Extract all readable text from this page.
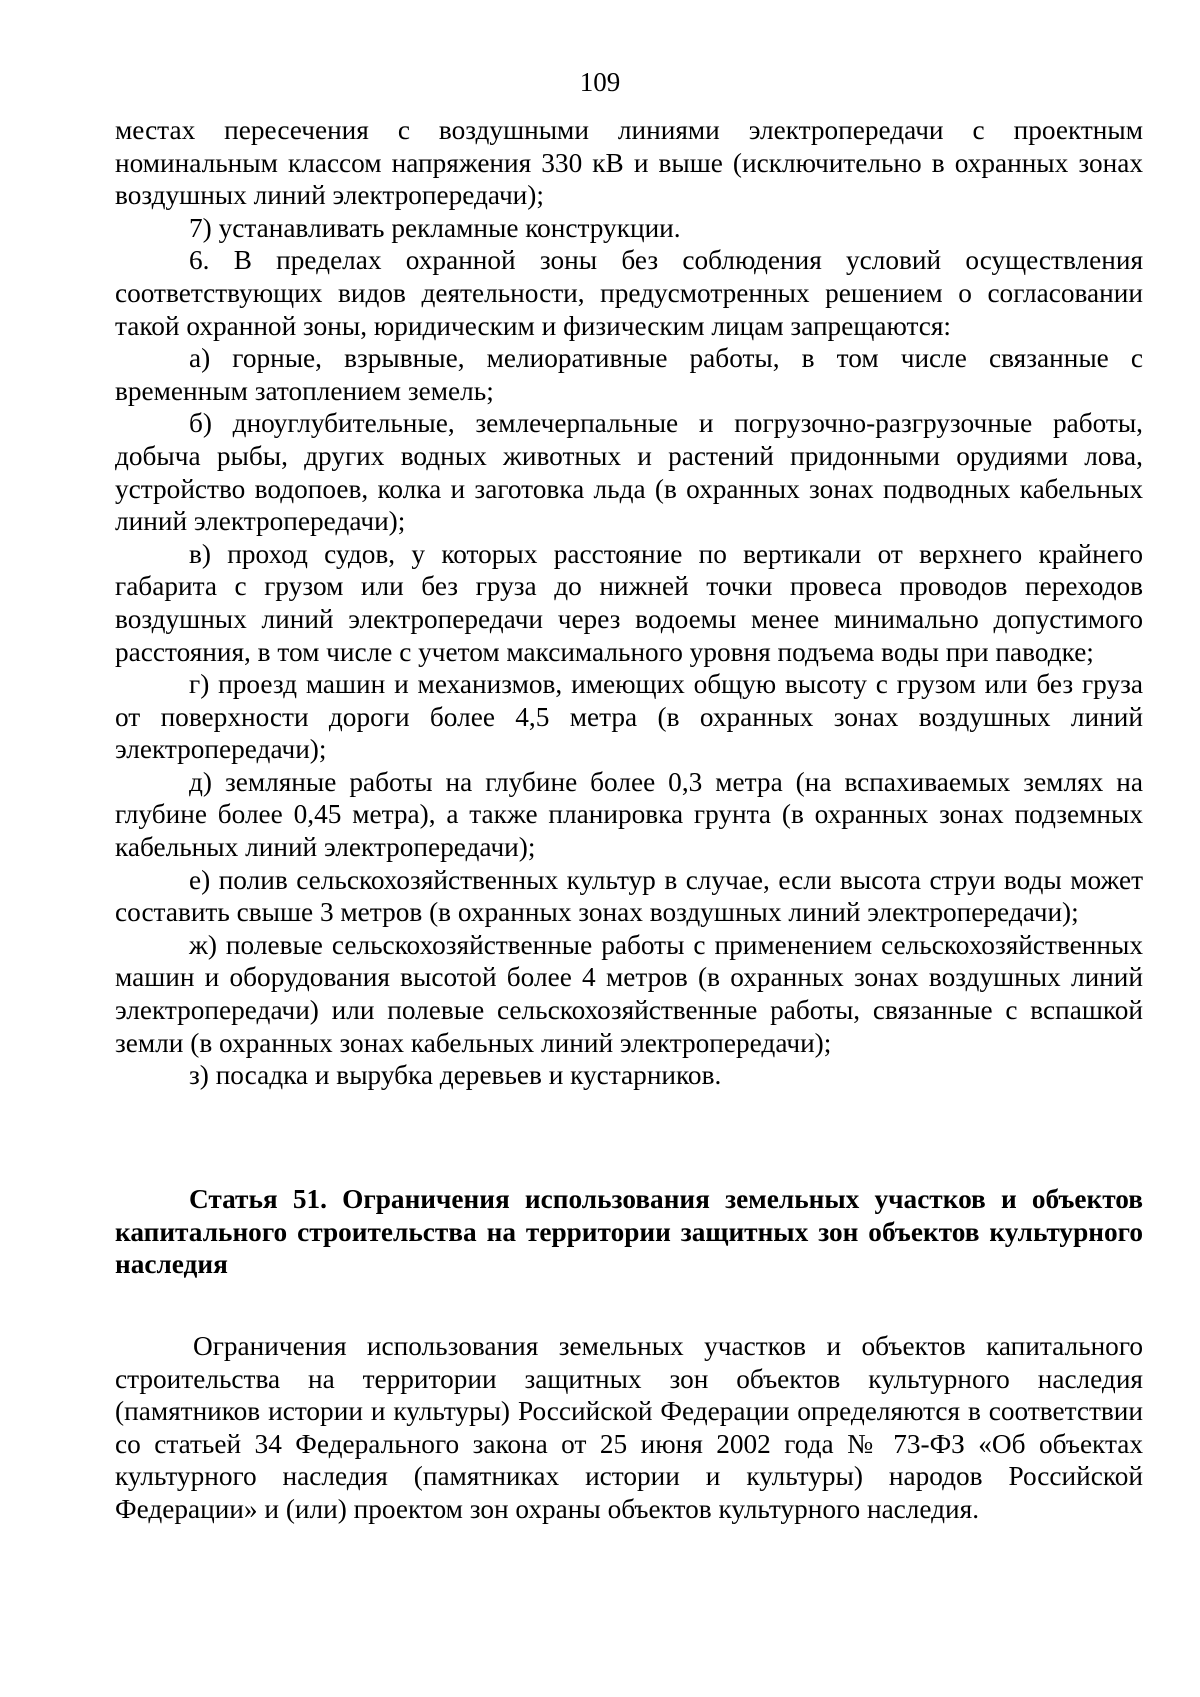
109

местах пересечения с воздушными линиями электропередачи с проектным номинальным классом напряжения 330 кВ и выше (исключительно в охранных зонах воздушных линий электропередачи);

7) устанавливать рекламные конструкции.

6. В пределах охранной зоны без соблюдения условий осуществления соответствующих видов деятельности, предусмотренных решением о согласовании такой охранной зоны, юридическим и физическим лицам запрещаются:

а) горные, взрывные, мелиоративные работы, в том числе связанные с временным затоплением земель;

б) дноуглубительные, землечерпальные и погрузочно-разгрузочные работы, добыча рыбы, других водных животных и растений придонными орудиями лова, устройство водопоев, колка и заготовка льда (в охранных зонах подводных кабельных линий электропередачи);

в) проход судов, у которых расстояние по вертикали от верхнего крайнего габарита с грузом или без груза до нижней точки провеса проводов переходов воздушных линий электропередачи через водоемы менее минимально допустимого расстояния, в том числе с учетом максимального уровня подъема воды при паводке;

г) проезд машин и механизмов, имеющих общую высоту с грузом или без груза от поверхности дороги более 4,5 метра (в охранных зонах воздушных линий электропередачи);

д) земляные работы на глубине более 0,3 метра (на вспахиваемых землях на глубине более 0,45 метра), а также планировка грунта (в охранных зонах подземных кабельных линий электропередачи);

е) полив сельскохозяйственных культур в случае, если высота струи воды может составить свыше 3 метров (в охранных зонах воздушных линий электропередачи);

ж) полевые сельскохозяйственные работы с применением сельскохозяйственных машин и оборудования высотой более 4 метров (в охранных зонах воздушных линий электропередачи) или полевые сельскохозяйственные работы, связанные с вспашкой земли (в охранных зонах кабельных линий электропередачи);

з) посадка и вырубка деревьев и кустарников.

Статья 51. Ограничения использования земельных участков и объектов капитального строительства на территории защитных зон объектов культурного наследия

Ограничения использования земельных участков и объектов капитального строительства на территории защитных зон объектов культурного наследия (памятников истории и культуры) Российской Федерации определяются в соответствии со статьей 34 Федерального закона от 25 июня 2002 года № 73-ФЗ «Об объектах культурного наследия (памятниках истории и культуры) народов Российской Федерации» и (или) проектом зон охраны объектов культурного наследия.
